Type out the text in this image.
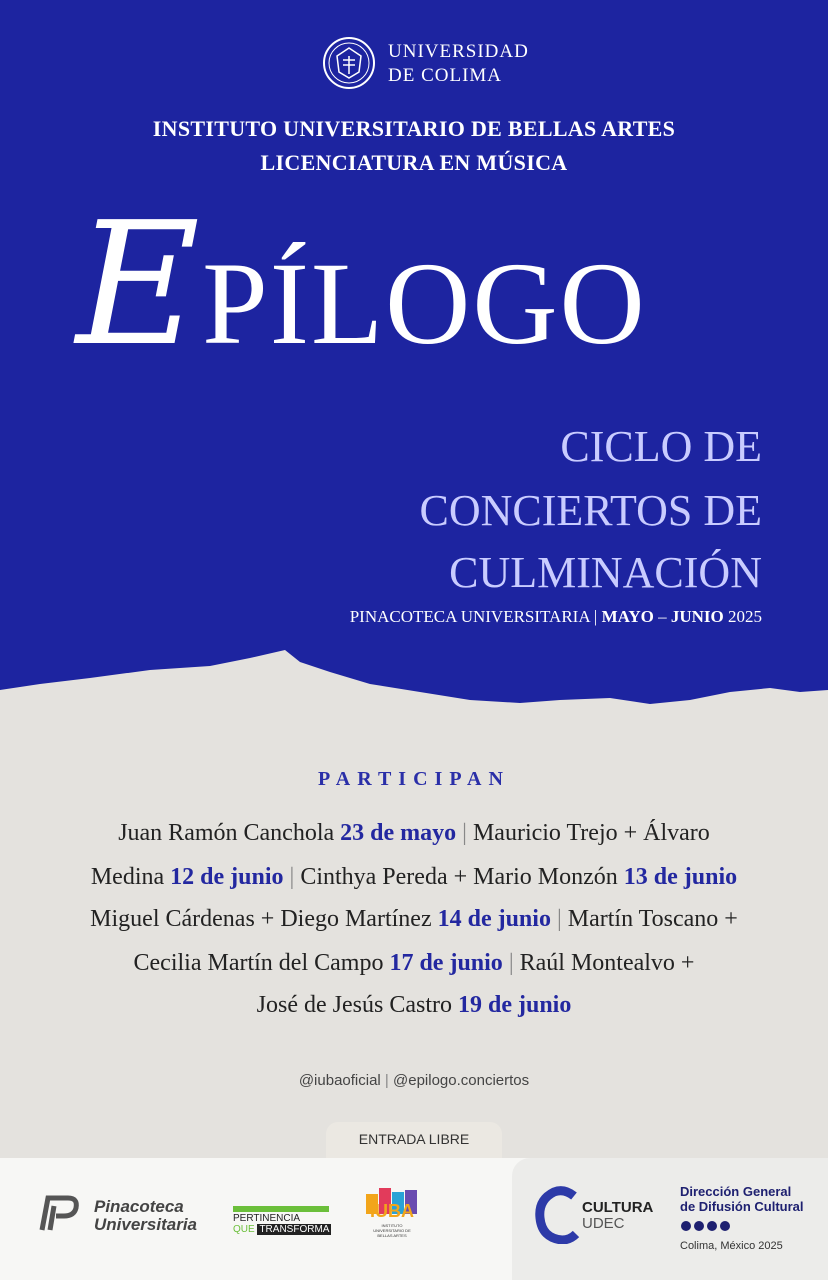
UNIVERSIDAD
DE COLIMA
INSTITUTO UNIVERSITARIO DE BELLAS ARTES
LICENCIATURA EN MÚSICA
EPÍLOGO
CICLO DE
CONCIERTOS DE
CULMINACIÓN
PINACOTECA UNIVERSITARIA | MAYO – JUNIO 2025
PARTICIPAN
Juan Ramón Canchola 23 de mayo | Mauricio Trejo + Álvaro
Medina 12 de junio | Cinthya Pereda + Mario Monzón 13 de junio
Miguel Cárdenas + Diego Martínez 14 de junio | Martín Toscano +
Cecilia Martín del Campo 17 de junio | Raúl Montealvo +
José de Jesús Castro 19 de junio
@iubaoficial | @epilogo.conciertos
ENTRADA LIBRE
Pinacoteca
Universitaria	PERTINENCIA
QUE TRANSFORMA
IUBA
INSTITUTO UNIVERSITARIO DE BELLAS ARTES
CULTURA
UDEC
Dirección General
de Difusión Cultural
Colima, México 2025
